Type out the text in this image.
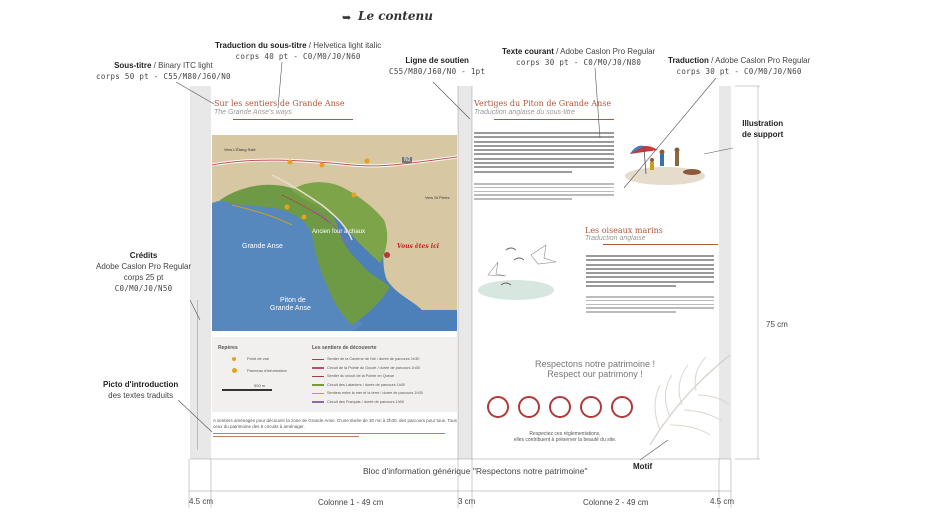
➥ Le contenu
Sur les sentiers de Grande Anse
The Grande Anse's ways
Vers L'Étang Salé
N2
Vers St Pierre
Grande Anse
Ancien four à chaux
Vous êtes ici
Piton de
Grande Anse
Repères
Point de vue
Panneau d'information
500 m
Les sentiers de découverte
Sentier de la Caverne de l'air / durée de parcours 1h30
Circuit de la Pointe du Gouzé / durée de parcours 1h30
Sentier du circuit de la Pointe en Queue
Circuit des Lataniers / durée de parcours 1h00
Sentiers entre la mer et la terre / durée de parcours 1h30
Circuit des Français / durée de parcours 1h00
A sentiers aménagés pour découvrir la zone de Grande Anse. D'une durée de 30 mn à 2h30, des parcours pour tous. Tous ceux du patrimoine des 5 circuits à aménager.
Vertiges du Piton de Grande Anse
Traduction anglaise du sous-titre
Les oiseaux marins
Traduction anglaise
Respectons notre patrimoine !
Respect our patrimony !
Respectez ces réglementations,
elles contribuent à préserver la beauté du site.
Sous-titre / Binary ITC light
corps 50 pt - C55/M80/J60/N0
Traduction du sous-titre / Helvetica light italic
corps 40 pt - C0/M0/J0/N60	Ligne de soutien
C55/M80/J60/N0 - 1pt
Texte courant / Adobe Caslon Pro Regular
corps 30 pt - C0/M0/J0/N80	Traduction / Adobe Caslon Pro Regular
corps 30 pt - C0/M0/J0/N60
Illustration
de support
Crédits
Adobe Caslon Pro Regular
corps 25 pt
C0/M0/J0/N50
Picto d'introduction
des textes traduits
Motif
Bloc d'information générique "Respectons notre patrimoine"
75 cm
4.5 cm	Colonne 1 - 49 cm	3 cm	Colonne 2 - 49 cm	4.5 cm
